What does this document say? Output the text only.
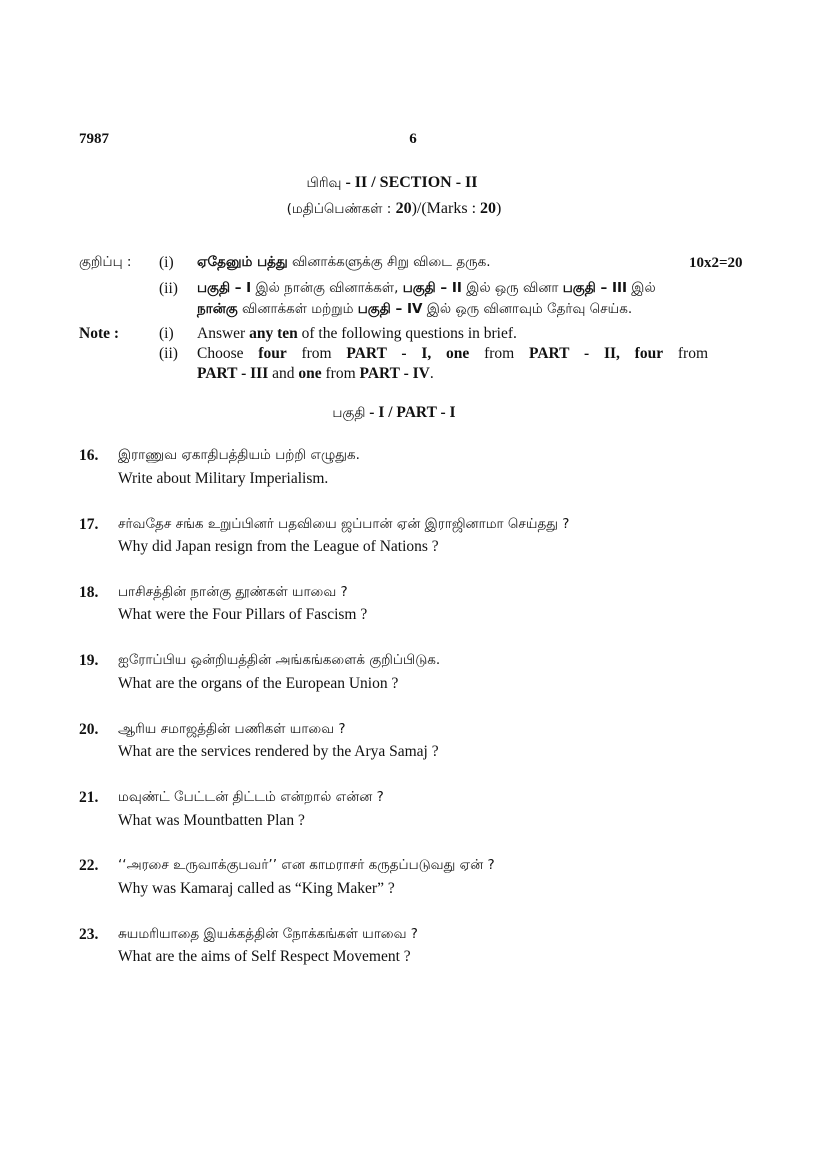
7987	6
பிரிவு - II / SECTION - II
(மதிப்பெண்கள் : 20)/(Marks : 20)
குறிப்பு : (i) ஏதேனும் பத்து வினாக்களுக்கு சிறு விடை தருக.	10x2=20
(ii) பகுதி – I இல் நான்கு வினாக்கள், பகுதி – II இல் ஒரு வினா பகுதி – III இல்
நான்கு வினாக்கள் மற்றும் பகுதி – IV இல் ஒரு வினாவும் தேர்வு செய்க.
Note :	(i) Answer any ten of the following questions in brief.
(ii) Choose four from PART - I, one from PART - II, four from
PART - III and one from PART - IV.
பகுதி - I / PART - I
16. இராணுவ ஏகாதிபத்தியம் பற்றி எழுதுக.
Write about Military Imperialism.
17. சர்வதேச சங்க உறுப்பினர் பதவியை ஜப்பான் ஏன் இராஜினாமா செய்தது ?
Why did Japan resign from the League of Nations ?
18. பாசிசத்தின் நான்கு தூண்கள் யாவை ?
What were the Four Pillars of Fascism ?
19. ஐரோப்பிய ஒன்றியத்தின் அங்கங்களைக் குறிப்பிடுக.
What are the organs of the European Union ?
20. ஆரிய சமாஜத்தின் பணிகள் யாவை ?
What are the services rendered by the Arya Samaj ?
21. மவுண்ட் பேட்டன் திட்டம் என்றால் என்ன ?
What was Mountbatten Plan ?
22. ‘‘அரசை உருவாக்குபவர்’’ என காமராசர் கருதப்படுவது ஏன் ?
Why was Kamaraj called as “King Maker” ?
23. சுயமரியாதை இயக்கத்தின் நோக்கங்கள் யாவை ?
What are the aims of Self Respect Movement ?
